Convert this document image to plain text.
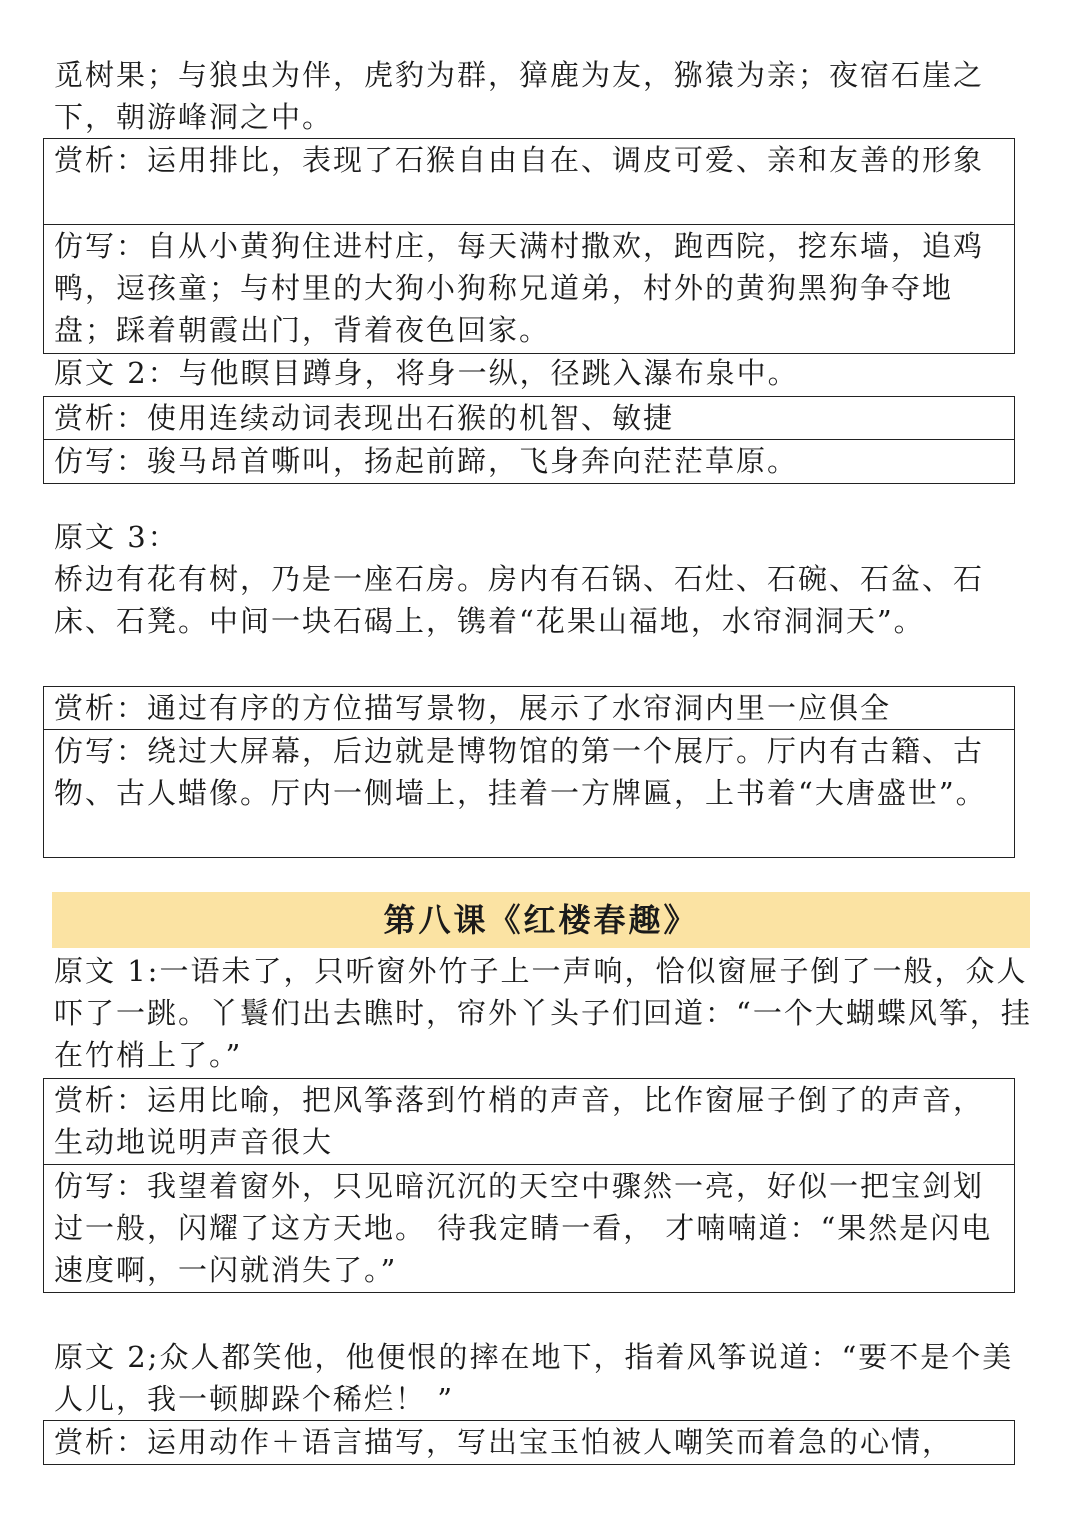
觅树果；与狼虫为伴，虎豹为群，獐鹿为友，猕猿为亲；夜宿石崖之下，朝游峰洞之中。

赏析：运用排比，表现了石猴自由自在、调皮可爱、亲和友善的形象
仿写：自从小黄狗住进村庄，每天满村撒欢，跑西院，挖东墙，追鸡鸭，逗孩童；与村里的大狗小狗称兄道弟，村外的黄狗黑狗争夺地盘；踩着朝霞出门，背着夜色回家。

原文 2：与他瞑目蹲身，将身一纵，径跳入瀑布泉中。

赏析：使用连续动词表现出石猴的机智、敏捷
仿写：骏马昂首嘶叫，扬起前蹄，飞身奔向茫茫草原。

原文 3：

桥边有花有树，乃是一座石房。房内有石锅、石灶、石碗、石盆、石床、石凳。中间一块石碣上，镌着“花果山福地，水帘洞洞天”。

赏析：通过有序的方位描写景物，展示了水帘洞内里一应俱全
仿写：绕过大屏幕，后边就是博物馆的第一个展厅。厅内有古籍、古物、古人蜡像。厅内一侧墙上，挂着一方牌匾，上书着“大唐盛世”。
第八课《红楼春趣》

原文 1:一语未了，只听窗外竹子上一声响，恰似窗屉子倒了一般，众人吓了一跳。丫鬟们出去瞧时，帘外丫头子们回道：“一个大蝴蝶风筝，挂在竹梢上了。”

赏析：运用比喻，把风筝落到竹梢的声音，比作窗屉子倒了的声音，生动地说明声音很大
仿写：我望着窗外，只见暗沉沉的天空中骤然一亮，好似一把宝剑划过一般，闪耀了这方天地。 待我定睛一看， 才喃喃道：“果然是闪电速度啊，一闪就消失了。”

原文 2;众人都笑他，他便恨的摔在地下，指着风筝说道：“要不是个美人儿，我一顿脚跺个稀烂！ ”

赏析：运用动作＋语言描写，写出宝玉怕被人嘲笑而着急的心情，
